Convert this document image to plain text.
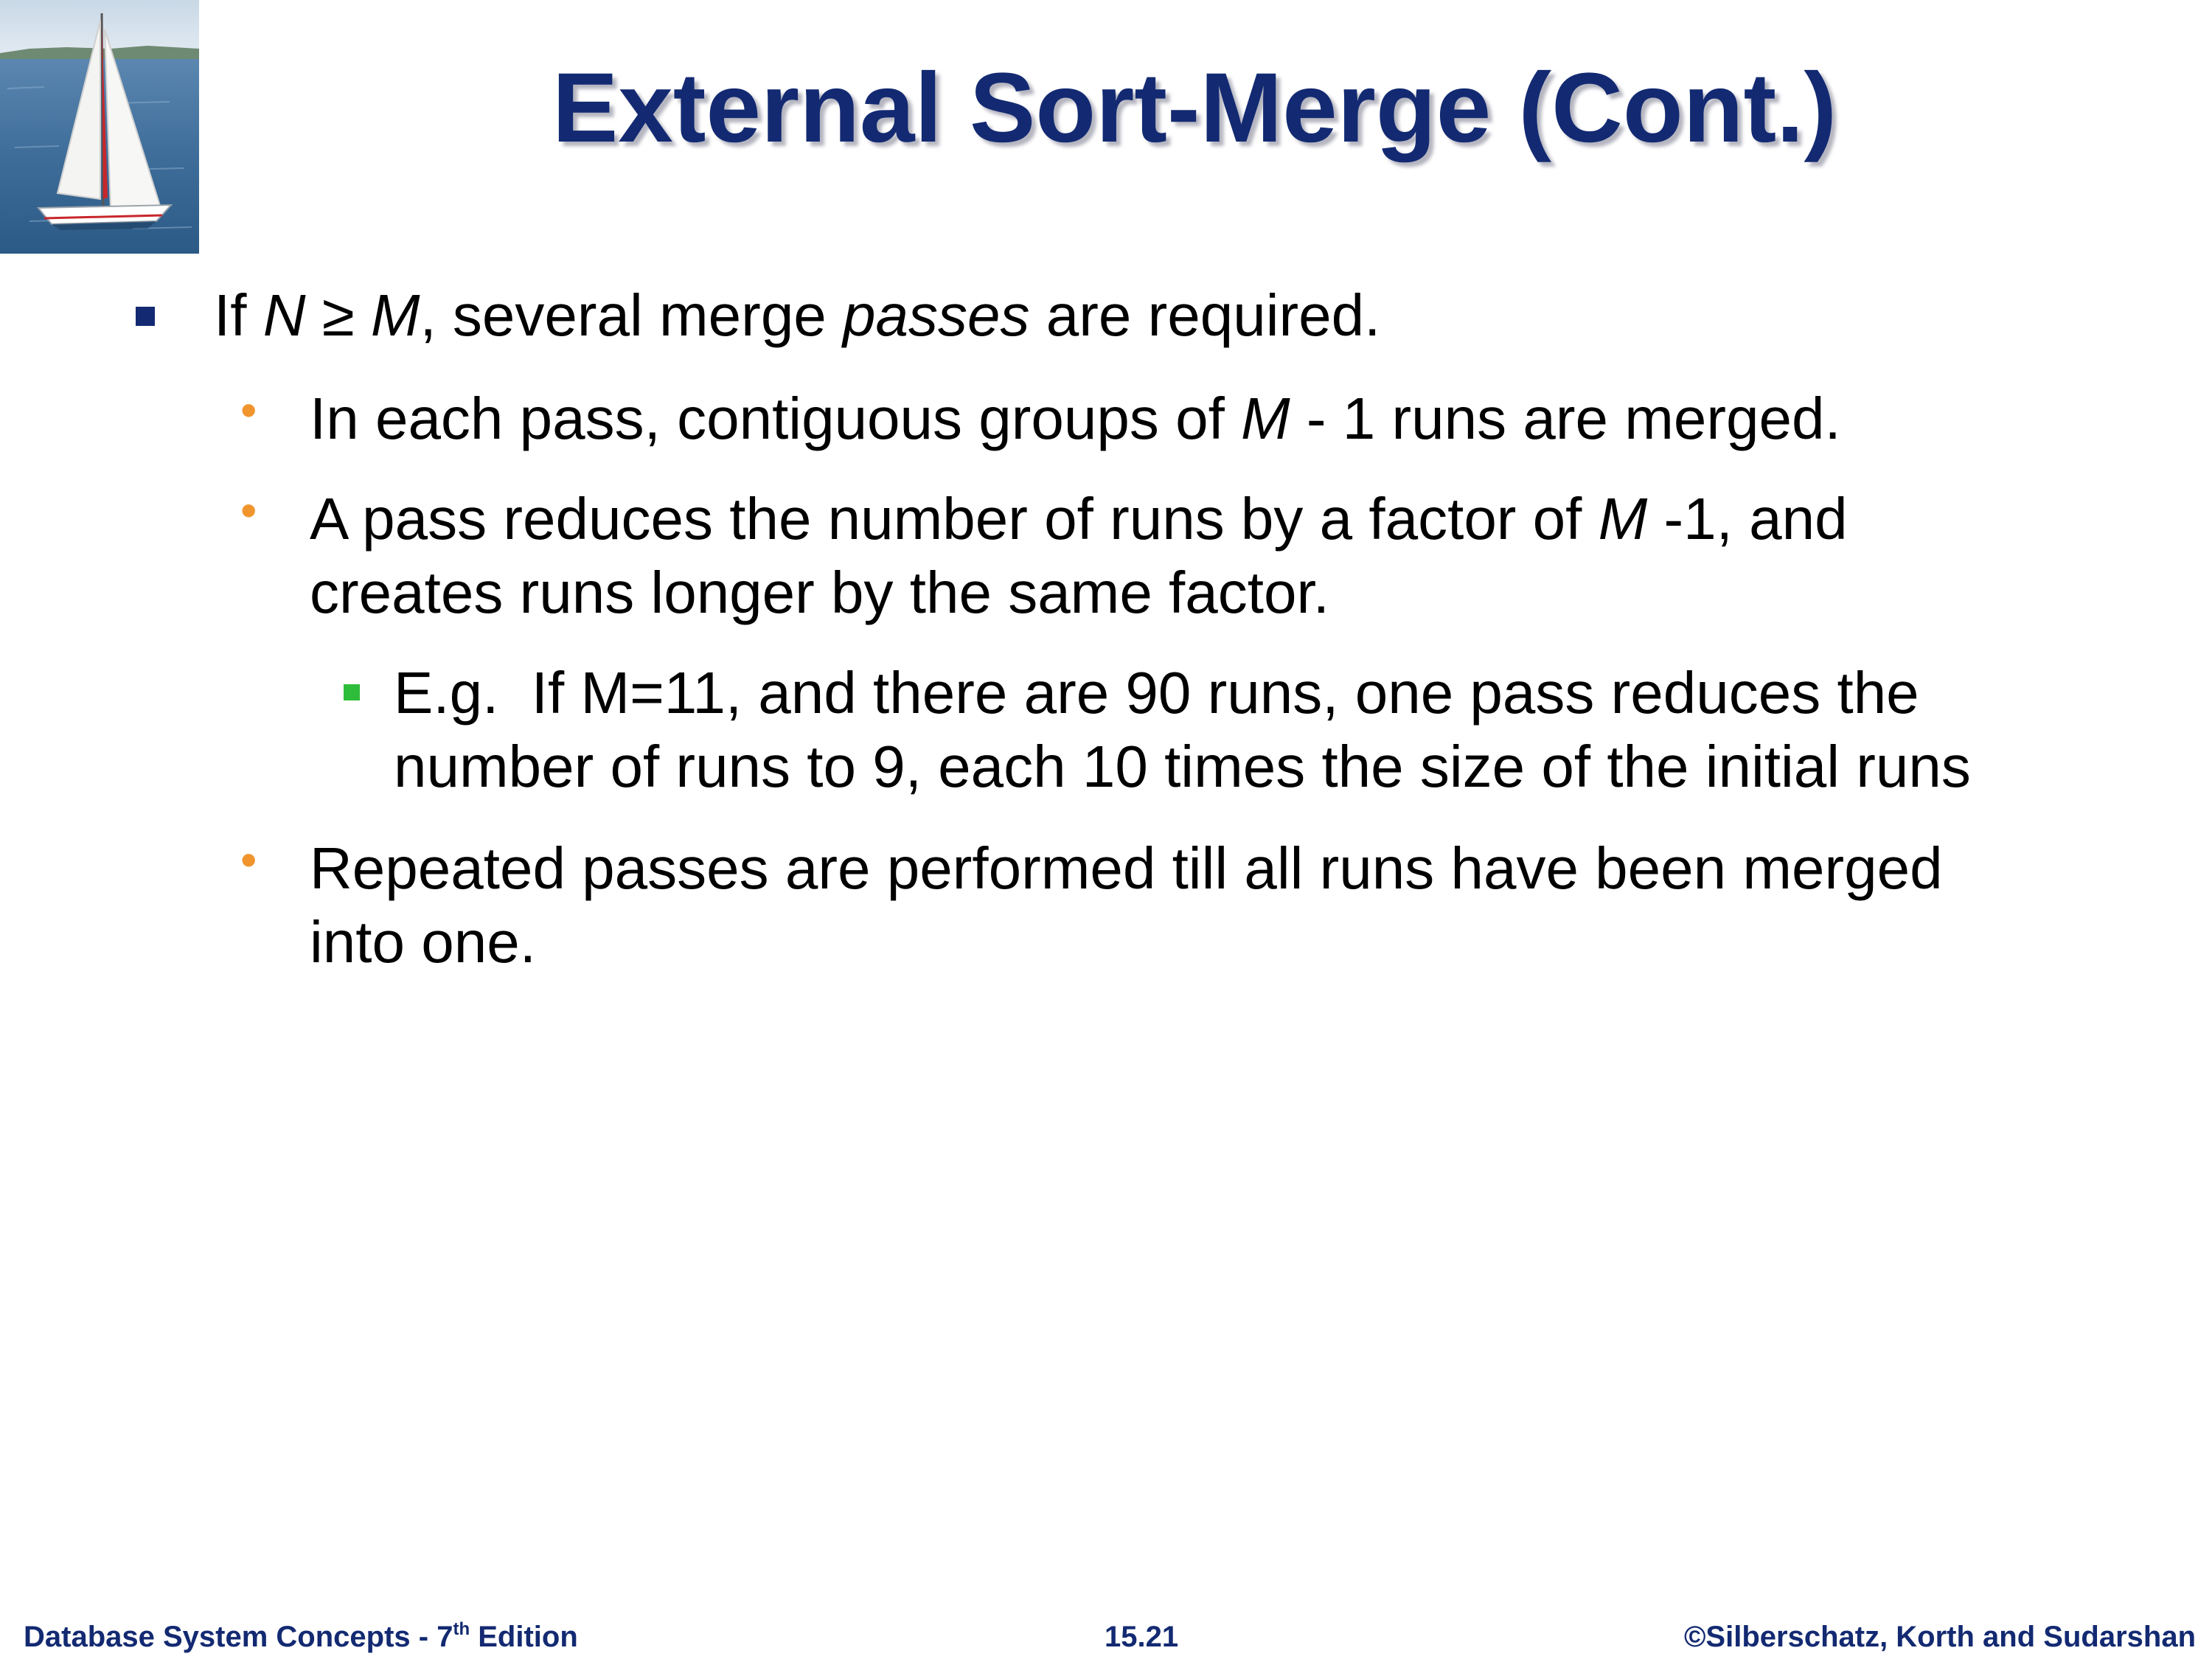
External Sort-Merge (Cont.)
If N ≥ M, several merge passes are required.
• In each pass, contiguous groups of M - 1 runs are merged.
• A pass reduces the number of runs by a factor of M -1, and
creates runs longer by the same factor.
E.g.  If M=11, and there are 90 runs, one pass reduces the
number of runs to 9, each 10 times the size of the initial runs
• Repeated passes are performed till all runs have been merged
into one.
Database System Concepts - 7th Edition	15.21	©Silberschatz, Korth and Sudarshan
